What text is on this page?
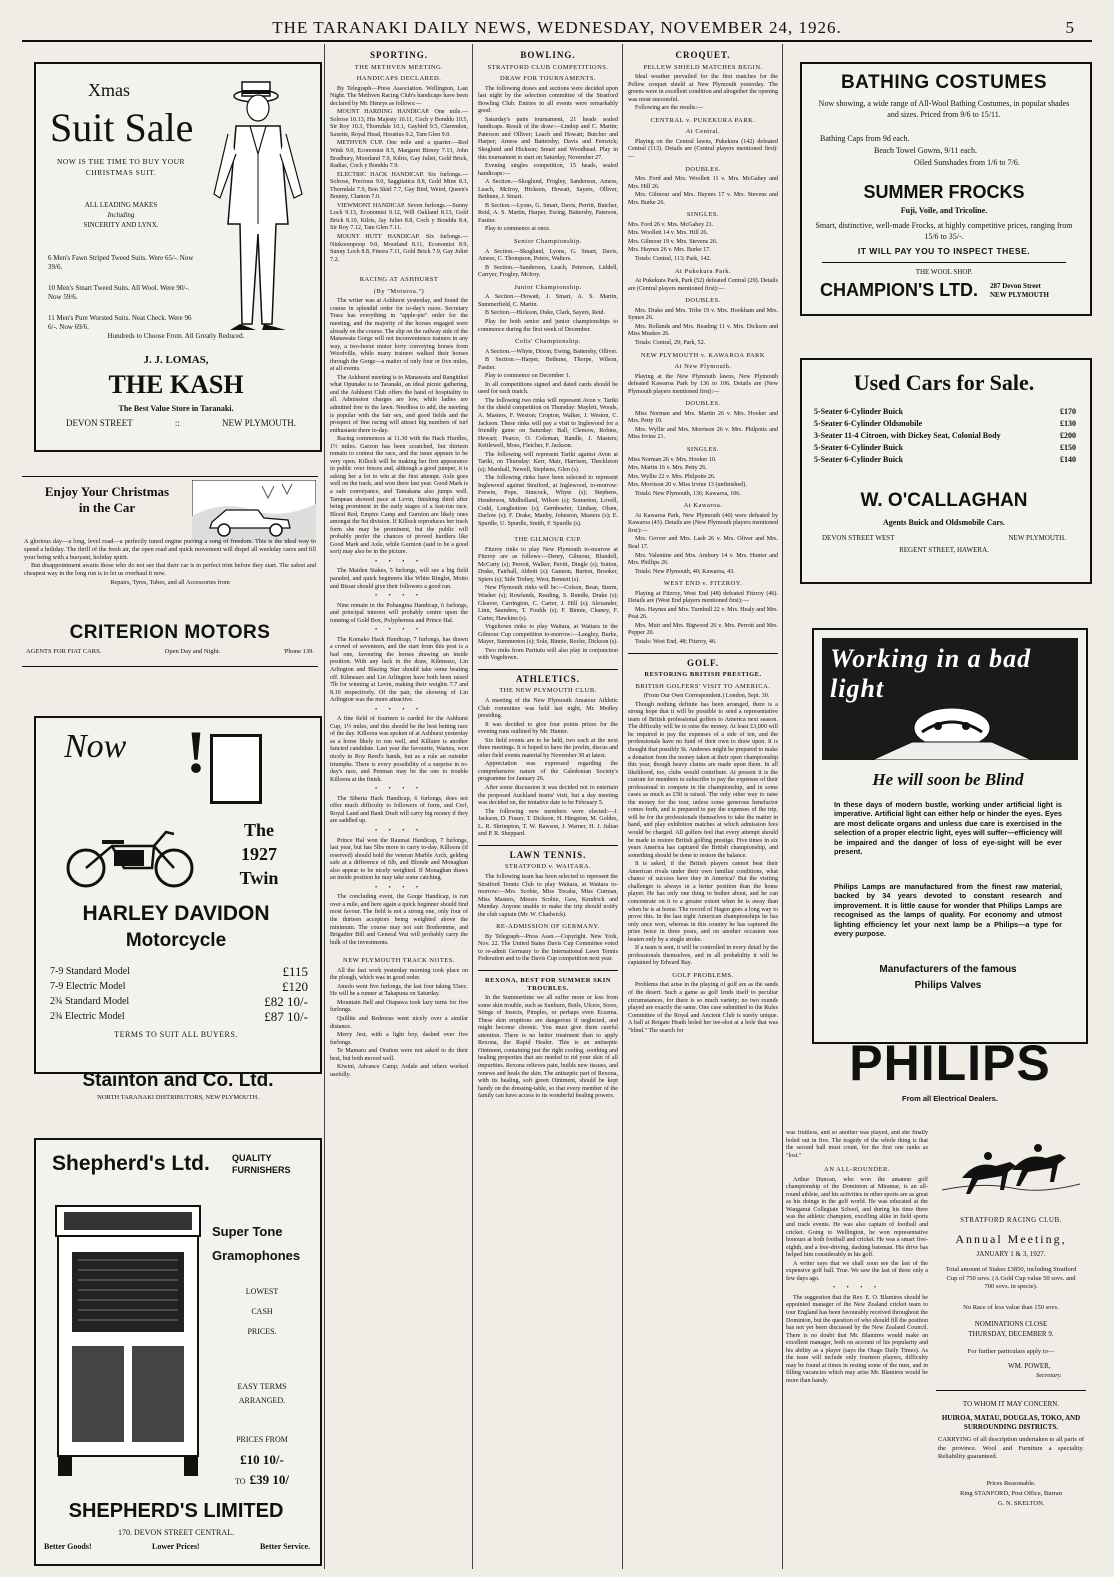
THE TARANAKI DAILY NEWS, WEDNESDAY, NOVEMBER 24, 1926.	5
Xmas
Suit Sale
NOW IS THE TIME TO BUY YOUR CHRISTMAS SUIT.
ALL LEADING MAKES
Including
SINCERITY AND LYNX.
6 Men's Fawn Striped Tweed Suits. Were 65/-. Now 39/6.
10 Men's Smart Tweed Suits. All Wool. Were 90/-. Now 59/6.
11 Men's Pure Worsted Suits. Neat Check. Were 96 6/-. Now 69/6.
Hundreds to Choose From. All Greatly Reduced.
J. J. LOMAS,
THE KASH
The Best Value Store in Taranaki.
DEVON STREET	::	NEW PLYMOUTH.
Enjoy Your Christmas
in the Car

A glorious day—a long, level road—a perfectly tuned engine purring a song of freedom. This is the ideal way to spend a holiday. The thrill of the fresh air, the open road and quick movement will dispel all weekday cares and fill your being with a buoyant, holiday spirit.

But disappointment awaits those who do not see that their car is in perfect trim before they start. The safest and cheapest way in the long run is to let us overhaul it now.

Repairs, Tyres, Tubes, and all Accessories from

CRITERION MOTORS
AGENTS FOR FIAT CARS.	Open Day and Night.	'Phone 139.
Now !
The
1927
Twin
HARLEY DAVIDON
Motorcycle
7-9 Standard Model	£115
7-9 Electric Model	£120
2¾ Standard Model	£82 10/-
2¾ Electric Model	£87 10/-
TERMS TO SUIT ALL BUYERS.
Stainton and Co. Ltd.
NORTH TARANAKI DISTRIBUTORS, NEW PLYMOUTH.
Shepherd's Ltd. QUALITY
FURNISHERS
Super Tone
Gramophones
LOWEST
CASH
PRICES.
EASY TERMS
ARRANGED.
PRICES FROM
£10 10/-
TO £39 10/
SHEPHERD'S LIMITED
170. DEVON STREET CENTRAL.
Better Goods!	Lower Prices!	Better Service.
SPORTING.
THE METHVEN MEETING.
HANDICAPS DECLARED.

By Telegraph—Press Association. Wellington, Last Night. The Methven Racing Club's handicaps have been declared by Mr. Henrys as follows:—

MOUNT HARDING HANDICAP. One mile.—Solrose 10.13, His Majesty 10.11, Coch y Bonddu 10.5, Sir Roy 10.3, Thorndale 10.1, Gaybird 9.5, Clarendon, Saxette, Royal Head, Horatius 9.2, Tam Glen 9.0.

METHVEN CUP. One mile and a quarter.—Red Wink 9.0, Economist 8.5, Margaret Birney 7.13, John Bradbury, Moorland 7.9, Kilris, Gay Juliet, Gold Brick, Radiac, Coch y Bonddu 7.9.

ELECTRIC HACK HANDICAP. Six furlongs.—Solrose, Precious 9.0, Saggitatica 8.8, Gold Mine 8.3, Thorndale 7.9, Bon Skirl 7.7, Gay Bird, Weird, Queen's Bounty, Clanton 7.0.

VIEWMONT HANDICAP. Seven furlongs.—Sunny Loch 9.13, Economist 9.12, Will Oakland 8.13, Gold Brick 8.10, Kilris, Jay Juliet 8.8, Coch y Bonddu 8.4, Sir Roy 7.12, Tam Glen 7.11.

MOUNT HUTT HANDICAP. Six furlongs.—Ninkoompoop 9.0, Moorland 8.11, Economist 8.9, Sunny Loch 8.8, Finora 7.11, Gold Brick 7.9, Gay Juliet 7.2.

RACING AT ASHHURST
(By "Moturoa.")

The writer was at Ashhurst yesterday, and found the course in splendid order for to-day's races. Secretary Trass has everything in "apple-pie" order for the meeting, and the majority of the horses engaged were already on the course. The slip on the railway side of the Manawatu Gorge will not inconvenience trainers in any way, a two-horse motor lorry conveying horses from Woodville, while many trainers walked their horses through the Gorge—a matter of only four or five miles, at all events.

The Ashhurst meeting is to Manawatu and Rangitikei what Opunake is to Taranaki, an ideal picnic gathering, and the Ashhurst Club offers the hand of hospitality to all. Admission charges are low, while ladies are admitted free to the lawn. Needless to add, the meeting is popular with the fair sex, and good fields and the prospect of fine racing will attract big numbers of turf enthusiasts there to-day.

Racing commences at 11.30 with the Hack Hurdles, 1½ miles. Garzon has been scratched, but thirteen remain to contest the race, and the issue appears to be very open. Killock will be making her first appearance in public over fences and, although a good jumper, it is asking her a lot to win at the first attempt. Axle goes well on the track, and won there last year. Good Mark is a safe conveyance, and Tamakana also jumps well. Tampeau showed pace at Levin, finishing third after being prominent in the early stages of a fast-run race. Blood Red, Empire Camp and Gurnion are likely ones amongst the 9st division. If Killock reproduces her track form she may be prominent, but the public will probably prefer the chances of proved hurdlers like Good Mark and Axle, while Gurnion (said to be a good sort) may also be in the picture.

• • • •

The Maiden Stakes, 5 furlongs, will see a big field paraded, and quick beginners like White Ringlet, Motto and Bissar should give their followers a good run.

• • • •

Nine remain in the Pohangina Handicap, 6 furlongs, and principal interest will probably centre upon the running of Gold Box, Polyphemus and Prince Hal.

• • • •

The Komako Hack Handicap, 7 furlongs, has drawn a crowd of seventeen, and the start from this post is a bad one, favouring the horses drawing an inside position. With any luck in the draw, Kilmeazo, Lin Arlington and Blazing Star should take some beating off. Kilmeazo and Lin Arlington have both been raised 7lb for winning at Levin, making their weights 7.7 and 8.10 respectively. Of the pair, the showing of Lin Arlington was the more attractive.

• • • •

A fine field of fourteen is carded for the Ashhurst Cup, 1½ miles, and this should be the best betting race of the day. Killoora was spoken of at Ashhurst yesterday as a horse likely to run well, and Kilfaire is another fancied candidate. Last year the favourite, Waetea, won nicely in Roy Reed's hands, but as a rule an outsider triumphs. There is every possibility of a surprise in to-day's race, and Penman may be the one to trouble Killoora at the finish.

• • • •

The Siberia Hack Handicap, 6 furlongs, does not offer much difficulty to followers of form, and Cerf, Royal Land and Bank Draft will carry big money if they are saddled up.

• • • •

Prince Hal won the Raumai Handicap, 7 furlongs, last year, but has 5lbs more to carry to-day. Killoora (if reserved) should hold the veteran Marble Arch, gelding safe at a difference of 6lb, and Blonde and Monaghan also appear to be nicely weighted. If Monaghan draws an inside position he may take some catching.

• • • •

The concluding event, the Gorge Handicap, is run over a mile, and here again a quick beginner should find most favour. The field is not a strong one, only four of the thirteen acceptors being weighted above the minimum. The course may not suit Bonhomme, and Brigadier Bill and General Wai will probably carry the bulk of the investments.

NEW PLYMOUTH TRACK NOTES.

All the fast work yesterday morning took place on the plough, which was in good order.

Amolo went five furlongs, the last four taking 53sec. He will be a runner at Takapuna on Saturday.

Mountain Bell and Otapawa took lazy turns for five furlongs.

Quillite and Redmoss went nicely over a similar distance.

Merry Jest, with a light boy, dashed over five furlongs.

Te Mamaru and Oration were not asked to do their best, but both moved well.

Kiwini, Advance Camp, Ardale and others worked usefully.

BOWLING.
STRATFORD CLUB COMPETITIONS.
DRAW FOR TOURNAMENTS.

The following draws and sections were decided upon last night by the selection committee of the Stratford Bowling Club. Entries in all events were remarkably good.

Saturday's pairs tournament, 21 heads sealed handicaps. Result of the draw:—Lindop and C. Martin; Paterson and Olliver; Leach and Howatt; Butcher and Harper; Amess and Battersby; Davis and Fenwick; Skoglund and Hickson; Smart and Woodhead. Play in this tournament to start on Saturday, November 27.

Evening singles competition, 15 heads, sealed handicaps:—

A Section.—Skoglund, Frogley, Sanderson, Amess, Leach, McIroy, Hickson, Howatt, Sayers, Olliver, Bethune, J. Smart.

B Section.—Lyons, G. Smart, Davis, Perritt, Butcher, Reid, A. S. Martin, Harper, Ewing, Battersby, Paterson, Fastier.

Play to commence at once.

Senior Championship.

A Section.—Skoglund, Lyons, G. Smart, Davis, Amess, C. Thompson, Peters, Walters.

B Section.—Sanderson, Leach, Peterson, Liddell, Carryer, Frogley, McIroy.

Junior Championship.

A Section.—Howatt, J. Smart, A. S. Martin, Summerfield, C. Martin.

B Section.—Hickson, Duke, Clark, Sayers, Reid.

Play for both senior and junior championships to commence during the first week of December.

Colts' Championship.

A Section.—Whyte, Dixon, Ewing, Battersby, Olliver.

B Section.—Harper, Bethune, Thorpe, Wilson, Fastier.

Play to commence on December 1.

In all competitions signed and dated cards should be used for each match.

The following two rinks will represent Avon v. Tariki for the shield competition on Thursday: Maylett, Woods, A. Masters, F. Weston; Cropton, Walker, J. Weston, C. Jackson. These rinks will pay a visit to Inglewood for a friendly game on Saturday: Ball, Clemow, Robins, Hewart; Pearce, O. Coleman, Randle, J. Masters; Kettlewell, Moss, Fletcher, F. Jackson.

The following will represent Tariki against Avon at Tariki, on Thursday: Kerr, Mair, Harrison, Theckleton (s); Marshall, Newell, Stephens, Glen (s).

The following rinks have been selected to represent Inglewood against Stratford, at Inglewood, to-morrow: Frewin, Pope, Simcock, Whyte (s); Stephens, Henderson, Mulholland, Wilson (s); Somerton, Lovell, Codd, Longbottom (s); Gernhoefer, Lindsay, Olsen, Darlow (s); F. Drake, Manby, Johnston, Masters (s); E. Spurdle, U. Spurdle, Smith, F. Spurdle (s).

THE GILMOUR CUP.

Fitzroy rinks to play New Plymouth to-morrow at Fitzroy are as follows:—Denry, Gilmour, Blundell, McCarty (s); Perrott, Walker, Pavitt, Dingle (s); Sutton, Drake, Fairhall, Abbott (s); Gannon, Burton, Brooker, Spiers (s); Side Trehey, West, Bennett (s).

New Plymouth rinks will be:—Colson, Bean, Sturm, Washer (s); Rowlands, Reading, S. Rundle, Drake (s); Gleaver, Carrington, C. Carter, J. Hill (s); Alexander, Linn, Saunders, T. Foulds (s); F. Binnie, Chaney, F. Carter, Hawkins (s).

Vogeltown rinks to play Waitara, at Waitara in the Gilmour Cup competition to-morrow:—Langley, Burke, Mayer, Summerton (s); Sole, Binnie, Roche, Dickson (s).

Two rinks from Paritutu will also play in conjunction with Vogeltown.

ATHLETICS.
THE NEW PLYMOUTH CLUB.

A meeting of the New Plymouth Amateur Athletic Club committee was held last night, Mr. Medley presiding.

It was decided to give four points prizes for the evening runs outlined by Mr. Hunter.

Six field events are to be held, two each at the next three meetings. It is hoped to have the javelin, discus and other field events material by November 30 at latest.

Appreciation was expressed regarding the comprehensive nature of the Caledonian Society's programme for January 26.

After some discussion it was decided not to entertain the proposed Auckland teams' visit, but a day meeting was decided on, the tentative date to be February 5.

The following new members were elected:—J. Jackson, D. Fraser, T. Dickson, H. Hingston, M. Goldes, L. R. Shrimpton, T. W. Rawson, J. Warner, H. J. Julian and P. R. Sheppard.

LAWN TENNIS.
STRATFORD v. WAITARA.

The following team has been selected to represent the Stratford Tennis Club to play Waitara, at Waitara to-morrow:—Mrs. Scobie, Miss Tocaba, Miss Curman, Miss Masters, Messrs Scobie, Gaw, Kendrick and Munday. Anyone unable to make the trip should notify the club captain (Mr. W. Chadwick).

RE-ADMISSION OF GERMANY.

By Telegraph—Press Assn.—Copyright. New York, Nov. 22. The United States Davis Cup Committee voted to re-admit Germany to the International Lawn Tennis Federation and to the Davis Cup competition next year.

REXONA, BEST FOR SUMMER SKIN TROUBLES.

In the Summertime we all suffer more or less from some skin trouble, such as Sunburn, Boils, Ulcers, Sores, Stings of Insects, Pimples, or perhaps even Eczema. These skin eruptions are dangerous if neglected, and might become chronic. You must give them careful attention. There is no better treatment than to apply Rexona, the Rapid Healer. This is an antiseptic Ointment, containing just the right cooling, soothing and healing properties that are needed to rid your skin of all impurities. Rexona relieves pain, builds new tissues, and renews and heals the skin. The antiseptic part of Rexona, with its healing, soft green Ointment, should be kept handy on the dressing-table, so that every member of the family can have access to its wonderful healing powers.

CROQUET.
PELLEW SHIELD MATCHES BEGIN.

Ideal weather prevailed for the first matches for the Pellew croquet shield at New Plymouth yesterday. The greens were in excellent condition and altogether the opening was most successful.

Following are the results:—

CENTRAL v. PUKEKURA PARK.
At Central.

Playing on the Central lawns, Pukekura (142) defeated Central (113). Details are (Central players mentioned first):—

DOUBLES.

Mrs. Ford and Mrs. Woollett 11 v. Mrs. McGahey and Mrs. Hill 26.

Mrs. Gilmour and Mrs. Haynes 17 v. Mrs. Stevens and Mrs. Burke 26.

SINGLES.

Mrs. Ford 26 v. Mrs. McGahey 21.

Mrs. Woollett 14 v. Mrs. Hill 26.

Mrs. Gilmour 19 v. Mrs. Stevens 26.

Mrs. Haynes 26 v. Mrs. Burke 17.

Totals: Central, 113; Park, 142.

At Pukekura Park.

At Pukekura Park, Park (52) defeated Central (29). Details are (Central players mentioned first):—

DOUBLES.

Mrs. Drake and Mrs. Tribe 19 v. Mrs. Hookham and Mrs. Symes 26.

Mrs. Rollands and Mrs. Reading 11 v. Mrs. Dickson and Miss Muskee 26.

Totals: Central, 29; Park, 52.

NEW PLYMOUTH v. KAWAROA PARK
At New Plymouth.

Playing at the New Plymouth lawns, New Plymouth defeated Kawaroa Park by 136 to 106. Details are (New Plymouth players mentioned first):—

DOUBLES.

Miss Norman and Mrs. Martin 26 v. Mrs. Hooker and Mrs. Petty 10.

Mrs. Wyllie and Mrs. Morrison 26 v. Mrs. Philpotts and Miss Irvine 21.

SINGLES.

Miss Norman 26 v. Mrs. Hooker 10.

Mrs. Martin 16 v. Mrs. Petty 26.

Mrs. Wyllie 22 v. Mrs. Philpotts 26.

Mrs. Morrison 20 v. Miss Irvine 13 (unfinished).

Totals: New Plymouth, 136; Kawaroa, 106.

At Kawaroa.

At Kawaroa Park, New Plymouth (40) were defeated by Kawaroa (43). Details are (New Plymouth players mentioned first):—

Mrs. Grover and Mrs. Lash 26 v. Mrs. Oliver and Mrs. Beal 17.

Mrs. Valentine and Mrs. Ambury 14 v. Mrs. Hunter and Mrs. Phillips 26.

Totals: New Plymouth, 40; Kawaroa, 43.

WEST END v. FITZROY.

Playing at Fitzroy, West End (48) defeated Fitzroy (46). Details are (West End players mentioned first):—

Mrs. Haynes and Mrs. Turnbull 22 v. Mrs. Healy and Mrs. Peat 26.

Mrs. Muir and Mrs. Bigwood 26 v. Mrs. Perrott and Mrs. Pepper 20.

Totals: West End, 48; Fitzroy, 46.

GOLF.
RESTORING BRITISH PRESTIGE.
BRITISH GOLFERS' VISIT TO AMERICA.

(From Our Own Correspondent.) London, Sept. 30.

Though nothing definite has been arranged, there is a strong hope that it will be possible to send a representative team of British professional golfers to America next season. The difficulty will be to raise the money. At least £3,000 will be required to pay the expenses of a side of ten, and the professionals have no fund of their own to draw upon. It is thought that possibly St. Andrews might be prepared to make a donation from the money taken at their open championship this year, though heavy claims are made upon them. In all likelihood, too, clubs would contribute. At present it is the custom for members to subscribe to pay the expenses of their professional to compete in the championship, and in some cases as much as £50 is raised. The only other way to raise the money for the tour, unless some generous benefactor comes forth, and is prepared to pay the expenses of the trip, will be for the professionals themselves to take the matter in hand, and play exhibition matches at which admission fees would be charged. All golfers feel that every attempt should be made to restore British golfing prestige. Five times in six years America has captured the British championship, and something should be done to restore the balance.

It is asked, if the British players cannot beat their American rivals under their own familiar conditions, what chance of success have they in America? But the visiting challenger is always in a better position than the home player. He has only one thing to bother about, and he can concentrate on it to a greater extent when he is away than when he is at home. The record of Hagen goes a long way to prove this. In the last eight American championships he has only once won, whereas in this country he has captured the prize twice in three years, and on another occasion was beaten only by a single stroke.

If a team is sent, it will be controlled in every detail by the professionals themselves, and in all probability it will be captained by Edward Ray.

GOLF PROBLEMS.

Problems that arise in the playing of golf are as the sands of the desert. Such a game as golf lends itself to peculiar circumstances, for there is so much variety; no two rounds played are exactly the same. One case submitted to the Rules Committee of the Royal and Ancient Club is surely unique. A ball at Reigate Heath holed her tee-shot at a hole that was "blind." The search for

BATHING COSTUMES
Now showing, a wide range of All-Wool Bathing Costumes, in popular shades and sizes. Priced from 9/6 to 15/11.
Bathing Caps from 9d each.
Beach Towel Gowns, 9/11 each.
Oiled Sunshades from 1/6 to 7/6.
SUMMER FROCKS
Fuji, Voile, and Tricoline.
Smart, distinctive, well-made Frocks, at highly competitive prices, ranging from 15/6 to 35/-.
IT WILL PAY YOU TO INSPECT THESE.
THE WOOL SHOP.
CHAMPION'S LTD. 287 Devon Street
NEW PLYMOUTH
Used Cars for Sale.
5-Seater 6-Cylinder Buick	£170
5-Seater 6-Cylinder Oldsmobile	£130
3-Seater 11-4 Citroen, with Dickey Seat, Colonial Body	£200
5-Seater 6-Cylinder Buick	£150
5-Seater 6-Cylinder Buick	£140
W. O'CALLAGHAN
Agents Buick and Oldsmobile Cars.
DEVON STREET WEST	NEW PLYMOUTH.
REGENT STREET, HAWERA.
Working in a bad light
He will soon be Blind
In these days of modern bustle, working under artificial light is imperative. Artificial light can either help or hinder the eyes. Eyes are most delicate organs and unless due care is exercised in the selection of a proper electric light, eyes will suffer—efficiency will be impaired and the danger of loss of eye-sight will be ever present.
Philips Lamps are manufactured from the finest raw material, backed by 34 years devoted to constant research and improvement. It is little cause for wonder that Philips Lamps are recognised as the lamps of quality. For economy and utmost lighting efficiency let your next lamp be a Philips—a type for every purpose.
Manufacturers of the famous
Philips Valves
PHILIPS
From all Electrical Dealers.

was fruitless, and so another was played, and she finally holed out in five. The tragedy of the whole thing is that the second ball must count, for the first one ranks as "lost."

AN ALL-ROUNDER.

Arthur Duncan, who won the amateur golf championship of the Dominion at Miramar, is an all-round athlete, and his activities in other sports are as great as his doings in the golf world. He was educated at the Wanganui Collegiate School, and during his time there was the athletic champion, excelling alike in field sports and track events. He was also captain of football and cricket. Going to Wellington, he won representative honours at both football and cricket. He was a smart five-eighth, and a free-driving, dashing batsman. His drive has helped him considerably in his golf.

A writer says that we shall soon see the last of the expensive golf ball. True. We saw the last of three only a few days ago.

• • • •

The suggestion that the Rev. E. O. Blamires should be appointed manager of the New Zealand cricket team to tour England has been favourably received throughout the Dominion, but the question of who should fill the position has not yet been discussed by the New Zealand Council. There is no doubt that Mr. Blamires would make an excellent manager, both on account of his popularity and his ability as a player (says the Otago Daily Times). As the team will include only fourteen players, difficulty may be found at times in resting some of the men, and in filling vacancies which may arise Mr. Blamires would be more than handy.

STRATFORD RACING CLUB.
Annual Meeting,
JANUARY 1 & 3, 1927.
Total amount of Stakes £3850, including Stratford Cup of 750 sovs. (A Gold Cup value 50 sovs. and 700 sovs. in specie).
No Race of less value than 150 sovs.
NOMINATIONS CLOSE
THURSDAY, DECEMBER 9.
For further particulars apply to—
WM. POWER,
Secretary.
TO WHOM IT MAY CONCERN.
HUIROA, MATAU, DOUGLAS, TOKO, AND SURROUNDING DISTRICTS.
CARRYING of all description undertaken to all parts of the province. Wool and Furniture a speciality. Reliability guaranteed.
Prices Reasonable.
Ring STANFORD, Post Office, Burran
G. N. SKELTON.
